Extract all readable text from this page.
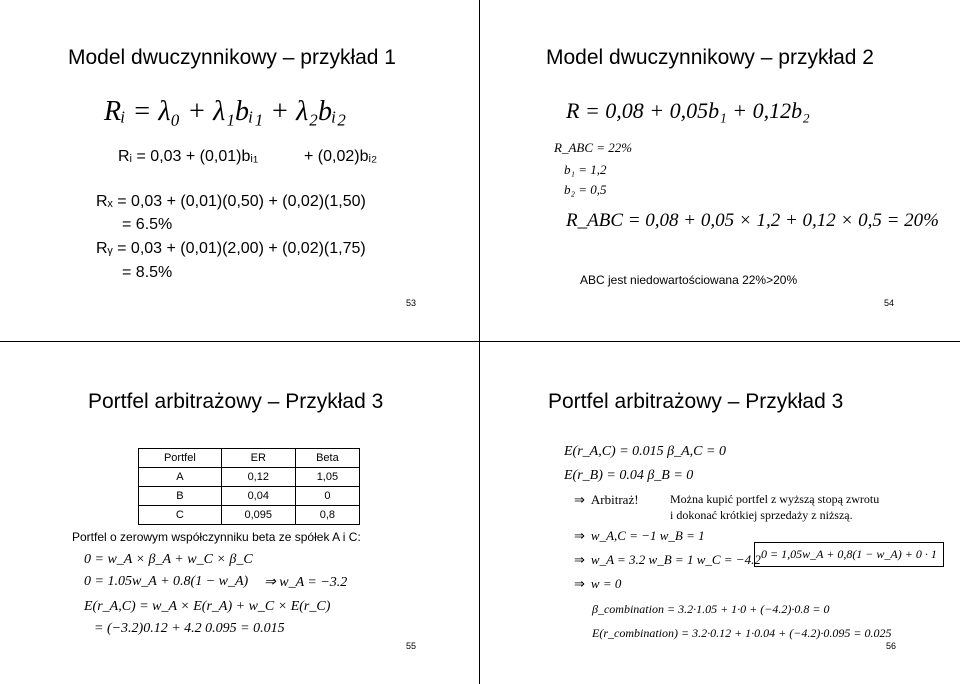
Model dwuczynnikowy – przykład 1
Rᵢ = λ₀ + λ₁bᵢ₁ + λ₂bᵢ₂
Rᵢ = 0,03 + (0,01)bᵢ₁	+ (0,02)bᵢ₂
Rₓ = 0,03 + (0,01)(0,50) + (0,02)(1,50)
= 6.5%
Rᵧ = 0,03 + (0,01)(2,00) + (0,02)(1,75)
= 8.5%
53
Model dwuczynnikowy – przykład 2
R = 0,08 + 0,05b₁ + 0,12b₂
R_ABC = 22%
b₁ = 1,2
b₂ = 0,5
R_ABC = 0,08 + 0,05 × 1,2 + 0,12 × 0,5 = 20%
ABC jest niedowartościowana 22%>20%
54
Portfel arbitrażowy – Przykład 3
Portfel	ER	Beta
A	0,12	1,05
B	0,04	0
C	0,095	0,8
Portfel o zerowym współczynniku beta ze spółek A i C:
0 = w_A × β_A + w_C × β_C
0 = 1.05w_A + 0.8(1 − w_A) ⇒ w_A = −3.2
E(r_A,C) = w_A × E(r_A) + w_C × E(r_C)
= (−3.2)0.12 + 4.2 0.095 = 0.015
55
Portfel arbitrażowy – Przykład 3
E(r_A,C) = 0.015 β_A,C = 0
E(r_B) = 0.04 β_B = 0
⇒ Arbitraż!	Można kupić portfel z wyższą stopą zwrotu
i dokonać krótkiej sprzedaży z niższą.
⇒ w_A,C = −1 w_B = 1
⇒ w_A = 3.2 w_B = 1 w_C = −4.2 0 = 1,05w_A + 0,8(1 − w_A) + 0 · 1
⇒ w = 0
β_combination = 3.2·1.05 + 1·0 + (−4.2)·0.8 = 0
E(r_combination) = 3.2·0.12 + 1·0.04 + (−4.2)·0.095 = 0.025
56
